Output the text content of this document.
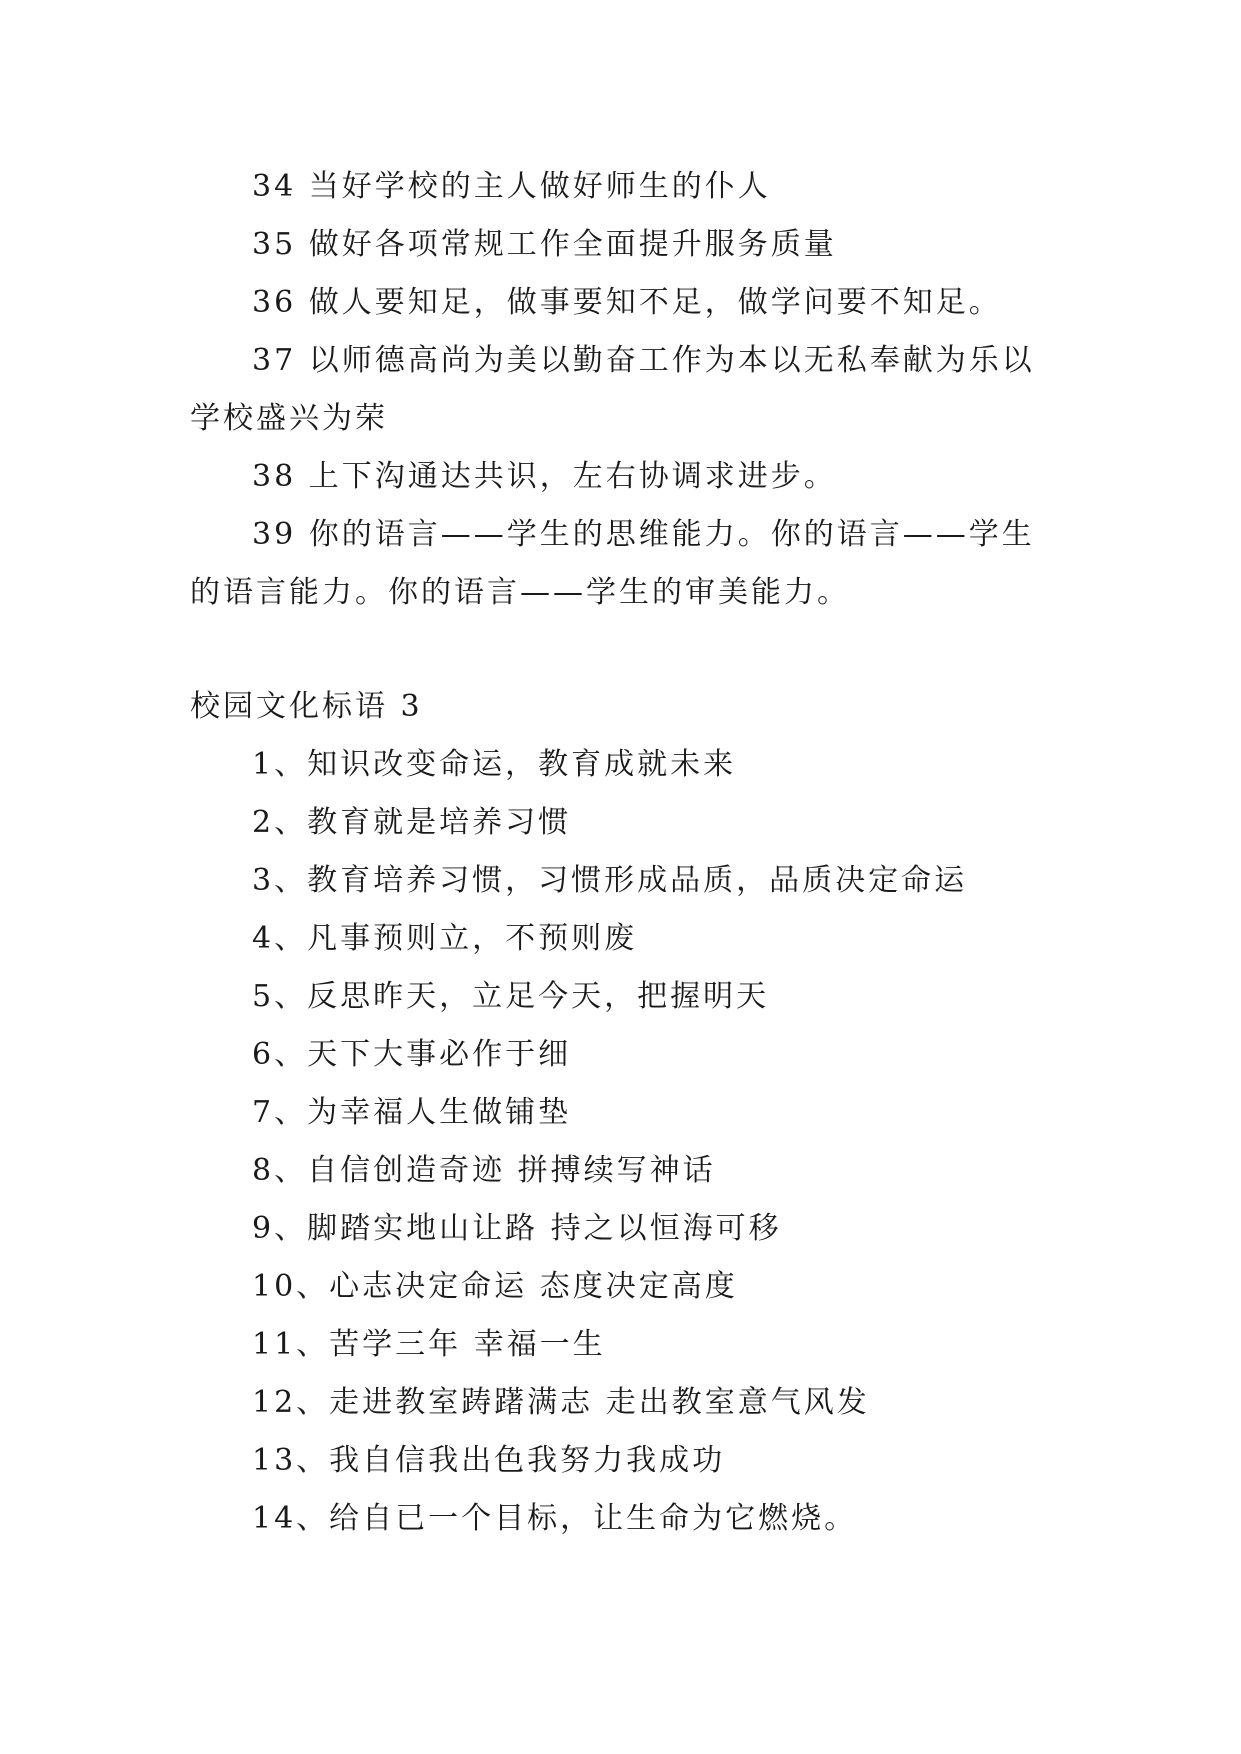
34 当好学校的主人做好师生的仆人

35 做好各项常规工作全面提升服务质量

36 做人要知足，做事要知不足，做学问要不知足。

37 以师德高尚为美以勤奋工作为本以无私奉献为乐以学校盛兴为荣

38 上下沟通达共识，左右协调求进步。

39 你的语言——学生的思维能力。你的语言——学生的语言能力。你的语言——学生的审美能力。

校园文化标语 3

1、知识改变命运，教育成就未来
2、教育就是培养习惯
3、教育培养习惯，习惯形成品质，品质决定命运
4、凡事预则立，不预则废
5、反思昨天，立足今天，把握明天
6、天下大事必作于细
7、为幸福人生做铺垫
8、自信创造奇迹 拼搏续写神话
9、脚踏实地山让路 持之以恒海可移
10、心志决定命运 态度决定高度
11、苦学三年 幸福一生
12、走进教室踌躇满志 走出教室意气风发
13、我自信我出色我努力我成功
14、给自已一个目标，让生命为它燃烧。
